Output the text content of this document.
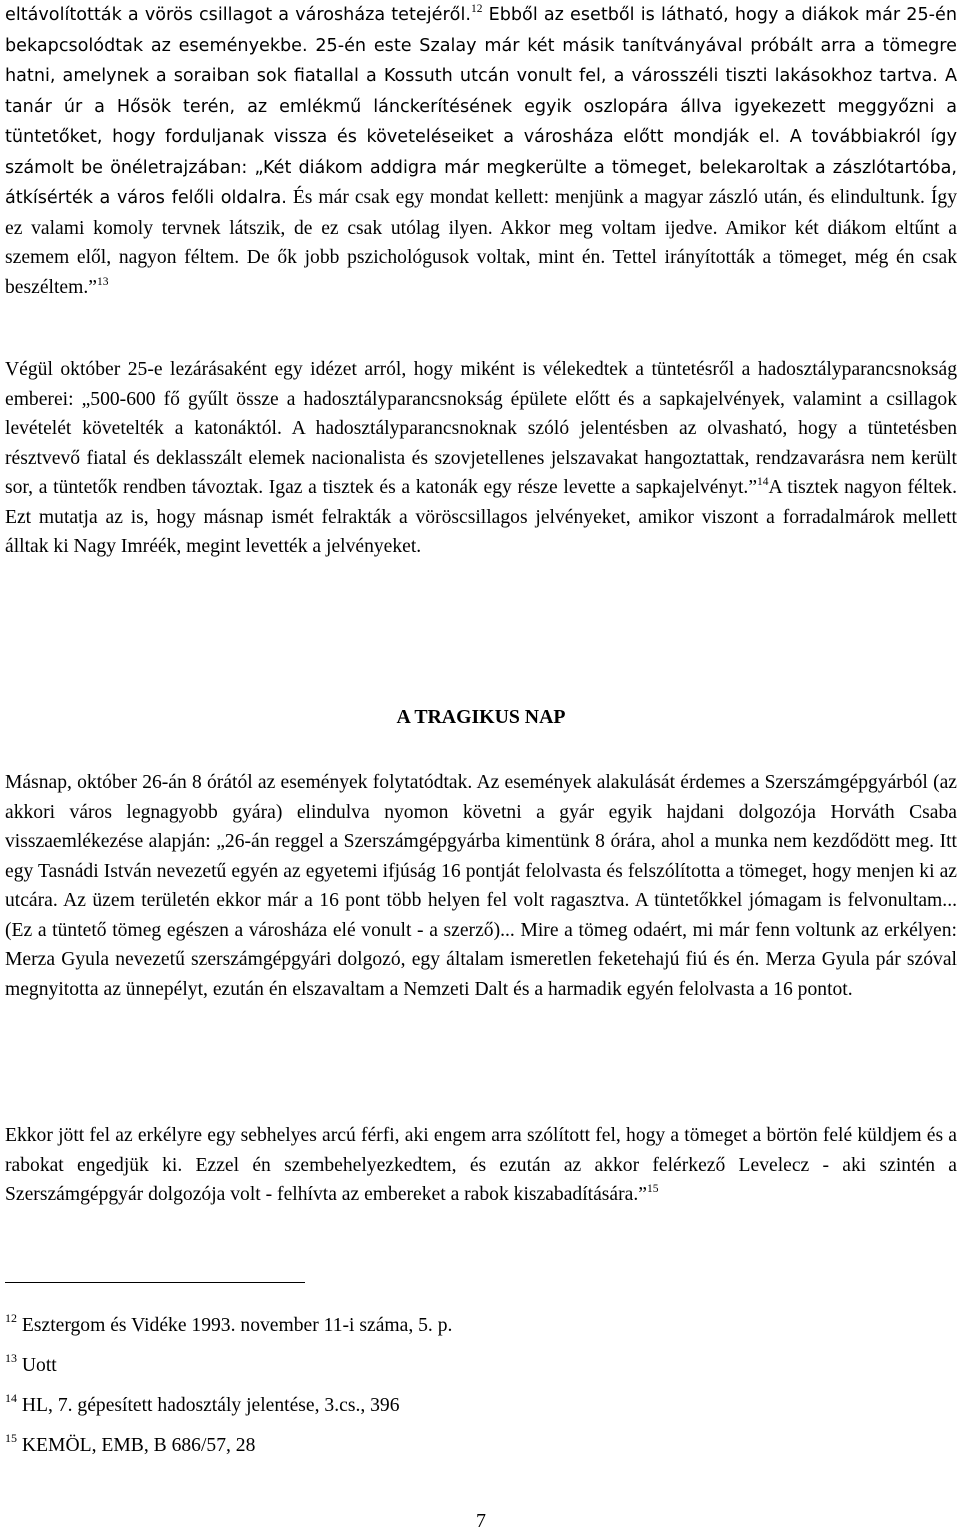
eltávolították a vörös csillagot a városháza tetejéről.$^{12}$ Ebből az esetből is látható, hogy a diákok már 25-én bekapcsolódtak az eseményekbe. 25-én este Szalay már két másik tanítványával próbált arra a tömegre hatni, amelynek a soraiban sok fiatallal a Kossuth utcán vonult fel, a városszéli tiszti lakásokhoz tartva. A tanár úr a Hősök terén, az emlékmű lánckerítésének egyik oszlopára állva igyekezett meggyőzni a tüntetőket, hogy forduljanak vissza és követeléseiket a városháza előtt mondják el. A továbbiakról így számolt be önéletrajzában: „Két diákom addigra már megkerülte a tömeget, belekaroltak a zászlótartóba, átkísérték a város felőli oldalra. És már csak egy mondat kellett: menjünk a magyar zászló után, és elindultunk. Így ez valami komoly tervnek látszik, de ez csak utólag ilyen. Akkor meg voltam ijedve. Amikor két diákom eltűnt a szemem elől, nagyon féltem. De ők jobb pszichológusok voltak, mint én. Tettel irányították a tömeget, még én csak beszéltem.”$^{13}$

Végül október 25-e lezárásaként egy idézet arról, hogy miként is vélekedtek a tüntetésről a hadosztályparancsnokság emberei: „500-600 fő gyűlt össze a hadosztályparancsnokság épülete előtt és a sapkajelvények, valamint a csillagok levételét követelték a katonáktól. A hadosztályparancsnoknak szóló jelentésben az olvasható, hogy a tüntetésben résztvevő fiatal és deklasszált elemek nacionalista és szovjetellenes jelszavakat hangoztattak, rendzavarásra nem került sor, a tüntetők rendben távoztak. Igaz a tisztek és a katonák egy része levette a sapkajelvényt.”$^{14}$A tisztek nagyon féltek. Ezt mutatja az is, hogy másnap ismét felrakták a vöröscsillagos jelvényeket, amikor viszont a forradalmárok mellett álltak ki Nagy Imréék, megint levették a jelvényeket.

A TRAGIKUS NAP

Másnap, október 26-án 8 órától az események folytatódtak. Az események alakulását érdemes a Szerszámgépgyárból (az akkori város legnagyobb gyára) elindulva nyomon követni a gyár egyik hajdani dolgozója Horváth Csaba visszaemlékezése alapján: „26-án reggel a Szerszámgépgyárba kimentünk 8 órára, ahol a munka nem kezdődött meg. Itt egy Tasnádi István nevezetű egyén az egyetemi ifjúság 16 pontját felolvasta és felszólította a tömeget, hogy menjen ki az utcára. Az üzem területén ekkor már a 16 pont több helyen fel volt ragasztva. A tüntetőkkel jómagam is felvonultam... (Ez a tüntető tömeg egészen a városháza elé vonult - a szerző)... Mire a tömeg odaért, mi már fenn voltunk az erkélyen: Merza Gyula nevezetű szerszámgépgyári dolgozó, egy általam ismeretlen feketehajú fiú és én. Merza Gyula pár szóval megnyitotta az ünnepélyt, ezután én elszavaltam a Nemzeti Dalt és a harmadik egyén felolvasta a 16 pontot.

Ekkor jött fel az erkélyre egy sebhelyes arcú férfi, aki engem arra szólított fel, hogy a tömeget a börtön felé küldjem és a rabokat engedjük ki. Ezzel én szembehelyezkedtem, és ezután az akkor felérkező Levelecz - aki szintén a Szerszámgépgyár dolgozója volt - felhívta az embereket a rabok kiszabadítására.”$^{15}$

$^{12}$ Esztergom és Vidéke 1993. november 11-i száma, 5. p.
$^{13}$ Uott
$^{14}$ HL, 7. gépesített hadosztály jelentése, 3.cs., 396
$^{15}$ KEMÖL, EMB, B 686/57, 28
7
